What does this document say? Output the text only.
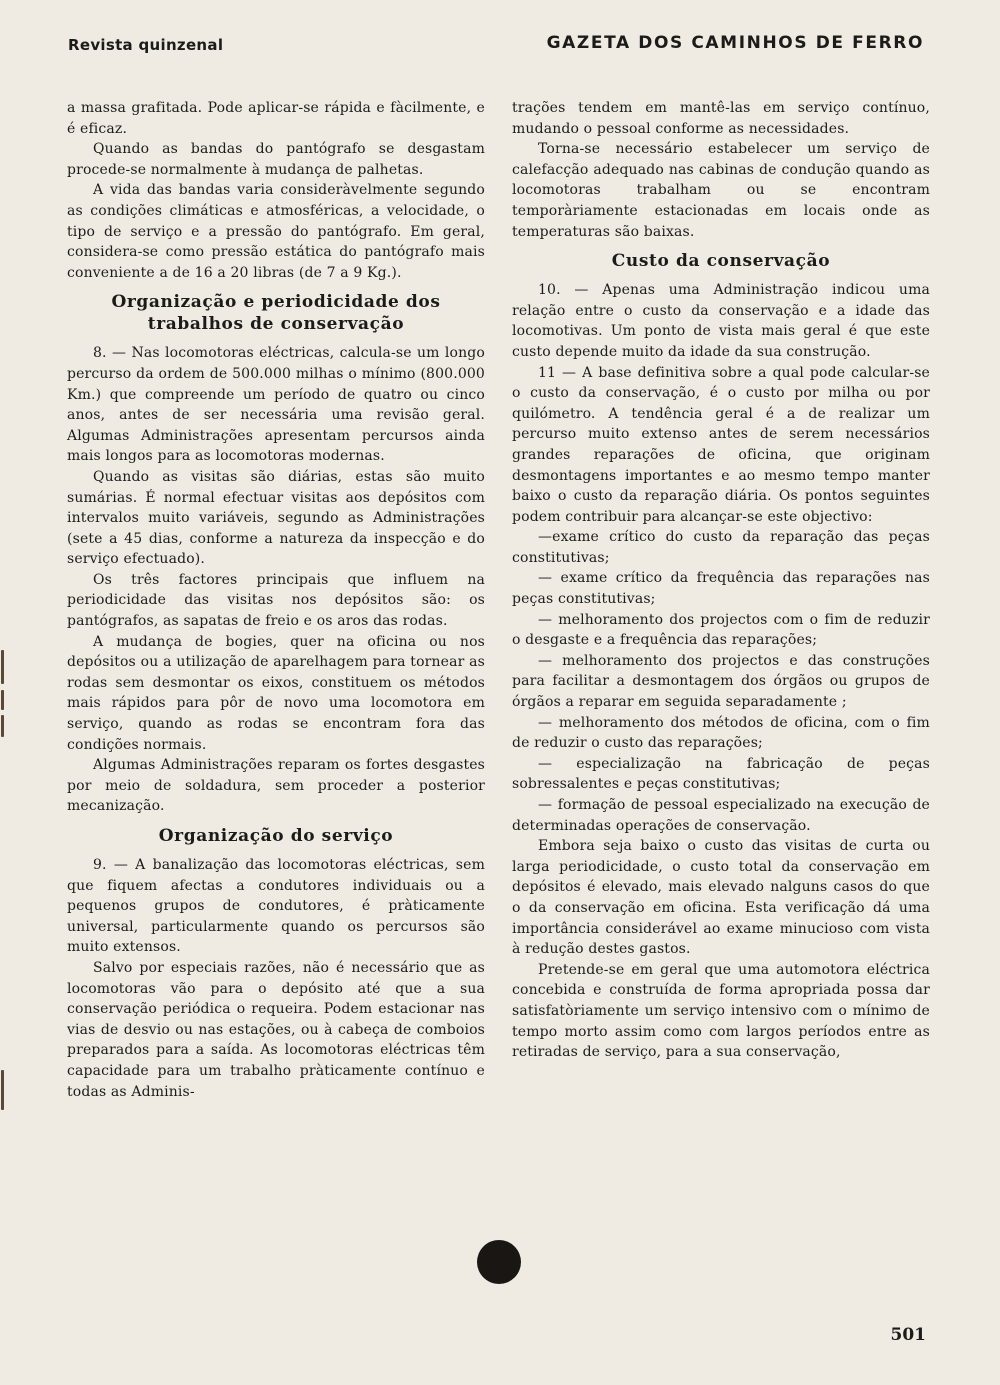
Revista quinzenal	GAZETA DOS CAMINHOS DE FERRO

a massa grafitada. Pode aplicar-se rápida e fàcilmente, e é eficaz.

Quando as bandas do pantógrafo se desgastam procede-se normalmente à mudança de palhetas.

A vida das bandas varia consideràvelmente segundo as condições climáticas e atmosféricas, a velocidade, o tipo de serviço e a pressão do pantógrafo. Em geral, considera-se como pressão estática do pantógrafo mais conveniente a de 16 a 20 libras (de 7 a 9 Kg.).

Organização e periodicidade dos trabalhos de conservação

8. — Nas locomotoras eléctricas, calcula-se um longo percurso da ordem de 500.000 milhas o mínimo (800.000 Km.) que compreende um período de quatro ou cinco anos, antes de ser necessária uma revisão geral. Algumas Administrações apresentam percursos ainda mais longos para as locomotoras modernas.

Quando as visitas são diárias, estas são muito sumárias. É normal efectuar visitas aos depósitos com intervalos muito variáveis, segundo as Administrações (sete a 45 dias, conforme a natureza da inspecção e do serviço efectuado).

Os três factores principais que influem na periodicidade das visitas nos depósitos são: os pantógrafos, as sapatas de freio e os aros das rodas.

A mudança de bogies, quer na oficina ou nos depósitos ou a utilização de aparelhagem para tornear as rodas sem desmontar os eixos, constituem os métodos mais rápidos para pôr de novo uma locomotora em serviço, quando as rodas se encontram fora das condições normais.

Algumas Administrações reparam os fortes desgastes por meio de soldadura, sem proceder a posterior mecanização.

Organização do serviço

9. — A banalização das locomotoras eléctricas, sem que fiquem afectas a condutores individuais ou a pequenos grupos de condutores, é pràticamente universal, particularmente quando os percursos são muito extensos.

Salvo por especiais razões, não é necessário que as locomotoras vão para o depósito até que a sua conservação periódica o requeira. Podem estacionar nas vias de desvio ou nas estações, ou à cabeça de comboios preparados para a saída. As locomotoras eléctricas têm capacidade para um trabalho pràticamente contínuo e todas as Adminis-

trações tendem em mantê-las em serviço contínuo, mudando o pessoal conforme as necessidades.

Torna-se necessário estabelecer um serviço de calefacção adequado nas cabinas de condução quando as locomotoras trabalham ou se encontram temporàriamente estacionadas em locais onde as temperaturas são baixas.

Custo da conservação

10. — Apenas uma Administração indicou uma relação entre o custo da conservação e a idade das locomotivas. Um ponto de vista mais geral é que este custo depende muito da idade da sua construção.

11 — A base definitiva sobre a qual pode calcular-se o custo da conservação, é o custo por milha ou por quilómetro. A tendência geral é a de realizar um percurso muito extenso antes de serem necessários grandes reparações de oficina, que originam desmontagens importantes e ao mesmo tempo manter baixo o custo da reparação diária. Os pontos seguintes podem contribuir para alcançar-se este objectivo:

—exame crítico do custo da reparação das peças constitutivas;

— exame crítico da frequência das reparações nas peças constitutivas;

— melhoramento dos projectos com o fim de reduzir o desgaste e a frequência das reparações;

— melhoramento dos projectos e das construções para facilitar a desmontagem dos órgãos ou grupos de órgãos a reparar em seguida separadamente ;

— melhoramento dos métodos de oficina, com o fim de reduzir o custo das reparações;

— especialização na fabricação de peças sobressalentes e peças constitutivas;

— formação de pessoal especializado na execução de determinadas operações de conservação.

Embora seja baixo o custo das visitas de curta ou larga periodicidade, o custo total da conservação em depósitos é elevado, mais elevado nalguns casos do que o da conservação em oficina. Esta verificação dá uma importância considerável ao exame minucioso com vista à redução destes gastos.

Pretende-se em geral que uma automotora eléctrica concebida e construída de forma apropriada possa dar satisfatòriamente um serviço intensivo com o mínimo de tempo morto assim como com largos períodos entre as retiradas de serviço, para a sua conservação,

501
